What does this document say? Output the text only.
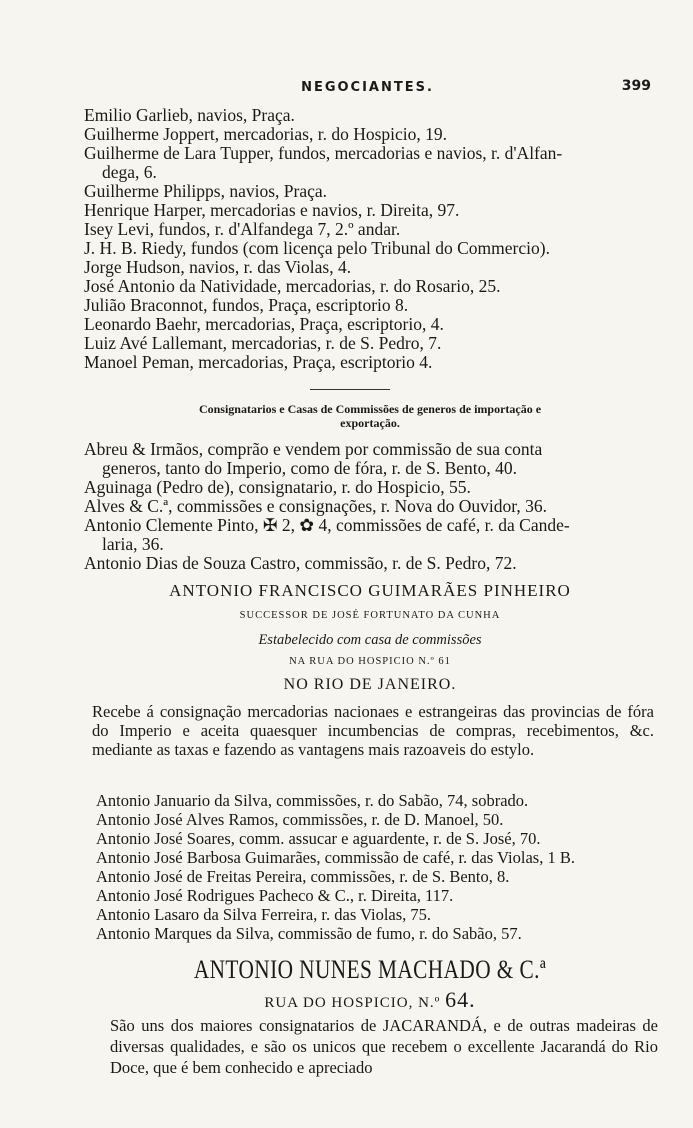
NEGOCIANTES.	399
Emilio Garlieb, navios, Praça.
Guilherme Joppert, mercadorias, r. do Hospicio, 19.
Guilherme de Lara Tupper, fundos, mercadorias e navios, r. d'Alfan-
dega, 6.
Guilherme Philipps, navios, Praça.
Henrique Harper, mercadorias e navios, r. Direita, 97.
Isey Levi, fundos, r. d'Alfandega 7, 2.º andar.
J. H. B. Riedy, fundos (com licença pelo Tribunal do Commercio).
Jorge Hudson, navios, r. das Violas, 4.
José Antonio da Natividade, mercadorias, r. do Rosario, 25.
Julião Braconnot, fundos, Praça, escriptorio 8.
Leonardo Baehr, mercadorias, Praça, escriptorio, 4.
Luiz Avé Lallemant, mercadorias, r. de S. Pedro, 7.
Manoel Peman, mercadorias, Praça, escriptorio 4.
Consignatarios e Casas de Commissões de generos de importação e
exportação.
Abreu & Irmãos, comprão e vendem por commissão de sua conta
generos, tanto do Imperio, como de fóra, r. de S. Bento, 40.
Aguinaga (Pedro de), consignatario, r. do Hospicio, 55.
Alves & C.ª, commissões e consignações, r. Nova do Ouvidor, 36.
Antonio Clemente Pinto, ✠ 2, ✿ 4, commissões de café, r. da Cande-
laria, 36.
Antonio Dias de Souza Castro, commissão, r. de S. Pedro, 72.
ANTONIO FRANCISCO GUIMARÃES PINHEIRO
SUCCESSOR DE JOSÉ FORTUNATO DA CUNHA
Estabelecido com casa de commissões
NA RUA DO HOSPICIO N.º 61
NO RIO DE JANEIRO.
Recebe á consignação mercadorias nacionaes e estrangeiras das provincias de fóra do Imperio e aceita quaesquer incumbencias de compras, recebimentos, &c. mediante as taxas e fazendo as vantagens mais razoaveis do estylo.
Antonio Januario da Silva, commissões, r. do Sabão, 74, sobrado.
Antonio José Alves Ramos, commissões, r. de D. Manoel, 50.
Antonio José Soares, comm. assucar e aguardente, r. de S. José, 70.
Antonio José Barbosa Guimarães, commissão de café, r. das Violas, 1 B.
Antonio José de Freitas Pereira, commissões, r. de S. Bento, 8.
Antonio José Rodrigues Pacheco & C., r. Direita, 117.
Antonio Lasaro da Silva Ferreira, r. das Violas, 75.
Antonio Marques da Silva, commissão de fumo, r. do Sabão, 57.
ANTONIO NUNES MACHADO & C.ª
RUA DO HOSPICIO, N.º 64.
São uns dos maiores consignatarios de JACARANDÁ, e de outras madeiras de diversas qualidades, e são os unicos que recebem o excellente Jacarandá do Rio Doce, que é bem conhecido e apreciado
